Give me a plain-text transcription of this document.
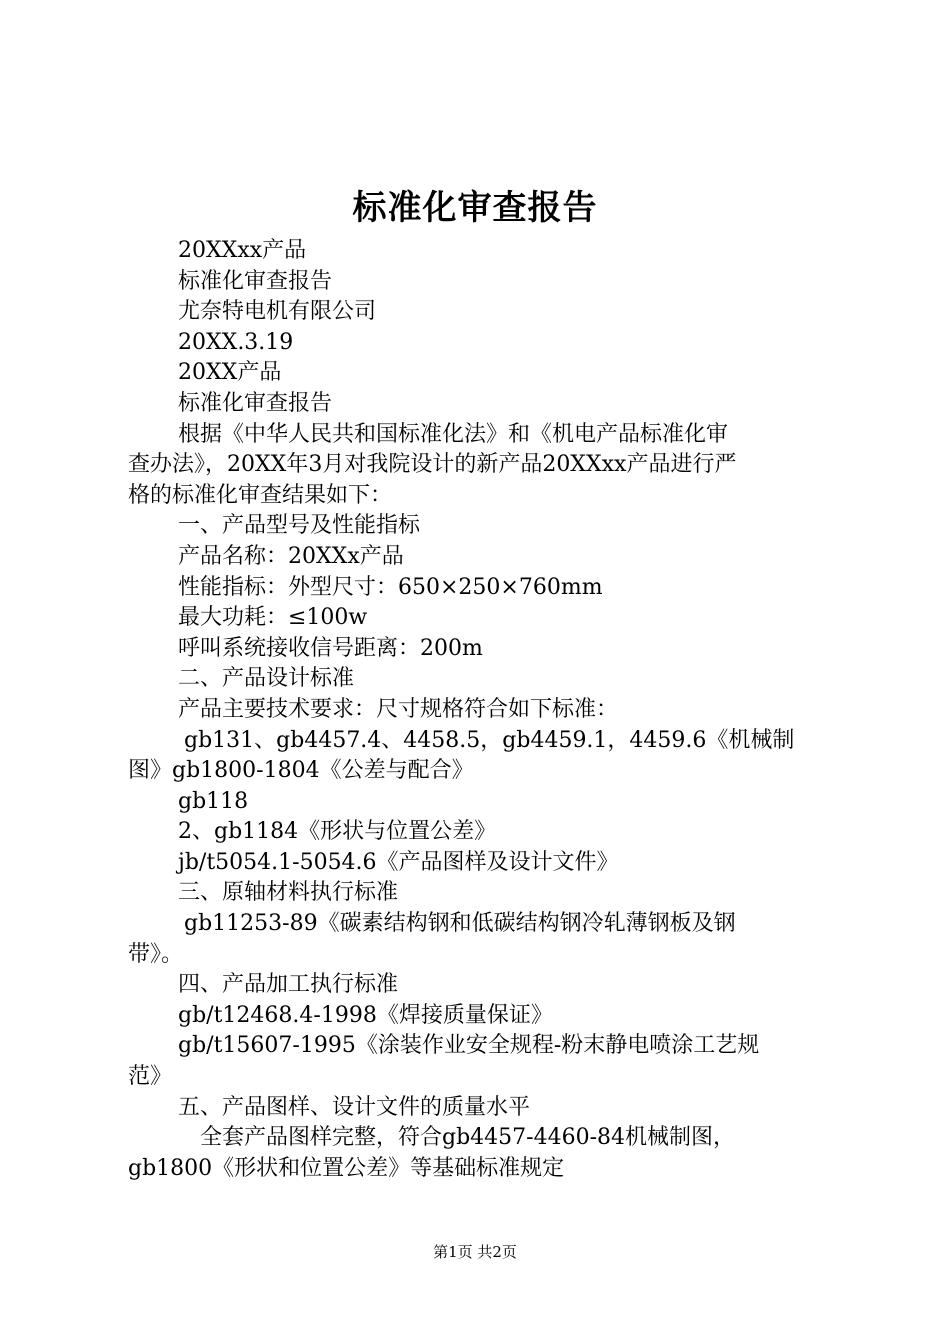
标准化审查报告
20XXxx产品
标准化审查报告
尤奈特电机有限公司
20XX.3.19
20XX产品
标准化审查报告
根据《中华人民共和国标准化法》和《机电产品标准化审
查办法》，20XX年3月对我院设计的新产品20XXxx产品进行严
格的标准化审查结果如下：
一、产品型号及性能指标
产品名称：20XXx产品
性能指标：外型尺寸：650×250×760mm
最大功耗：≤100w
呼叫系统接收信号距离：200m
二、产品设计标准
产品主要技术要求：尺寸规格符合如下标准：
gb131、gb4457.4、4458.5，gb4459.1，4459.6《机械制
图》gb1800-1804《公差与配合》
gb118
2、gb1184《形状与位置公差》
jb/t5054.1-5054.6《产品图样及设计文件》
三、原轴材料执行标准
gb11253-89《碳素结构钢和低碳结构钢冷轧薄钢板及钢
带》。
四、产品加工执行标准
gb/t12468.4-1998《焊接质量保证》
gb/t15607-1995《涂装作业安全规程-粉末静电喷涂工艺规
范》
五、产品图样、设计文件的质量水平
全套产品图样完整，符合gb4457-4460-84机械制图，
gb1800《形状和位置公差》等基础标准规定
第1页 共2页
